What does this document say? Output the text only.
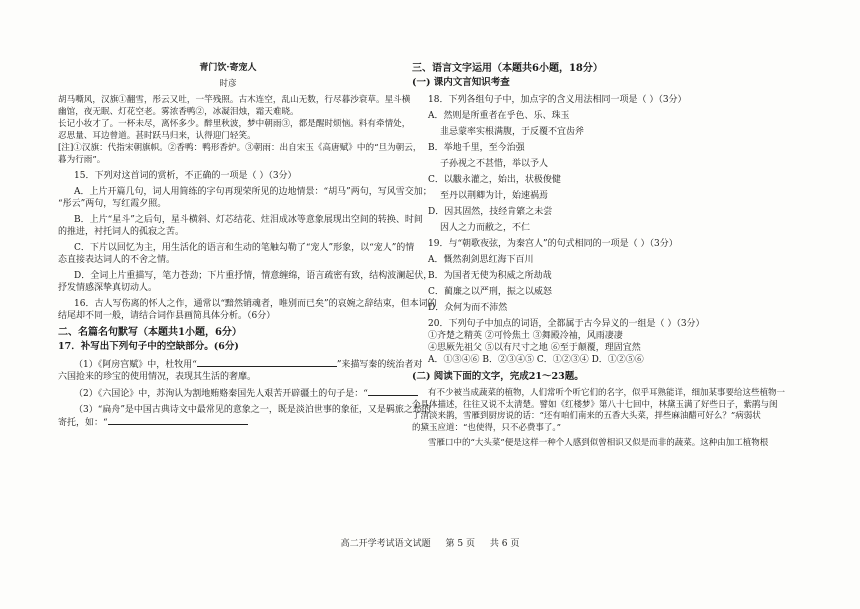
青门饮·寄宠人

时彦

胡马嘶风，汉旗①翻雪，彤云又吐，一竿残照。古木连空，乱山无数，行尽暮沙衰草。星斗横

幽馆，夜无眠、灯花空老。雾浓香鸭②，冰凝泪烛，霜天难晓。

长记小妆才了。一杯未尽，离怀多少。醉里秋波，梦中朝雨③，都是醒时烦恼。料有牵情处，

忍思量、耳边曾道。甚时跃马归来，认得迎门轻笑。

[注]①汉旗：代指宋朝旗帜。②香鸭：鸭形香炉。③朝雨：出自宋玉《高唐赋》中的“旦为朝云，

暮为行雨”。

15．下列对这首词的赏析，不正确的一项是（ ）（3分）

A．上片开篇几句，词人用简练的字句再现荣所见的边地情景：“胡马”两句，写风雪交加；

“彤云”两句，写红霞夕照。

B．上片“星斗”之后句，星斗横斜、灯芯结花、炷泪成冰等意象展现出空间的转换、时间

的推进，衬托词人的孤寂之苦。

C．下片以回忆为主，用生活化的语言和生动的笔触勾勒了“宠人”形象，以“宠人”的情

态直接表达词人的不舍之情。

D．全词上片重描写，笔力苍劲；下片重抒情，情意缠绵，语言疏密有致，结构波澜起伏，

抒发情感深挚真切动人。

16．古人写伤离的怀人之作，通常以“黯然销魂者，唯别而已矣”的哀婉之辞结束，但本词的

结尾却不同一般，请结合词作县画简具体分析。（6分）

二、名篇名句默写（本题共1小题，6分）

17．补写出下列句子中的空缺部分。(6分)

（1）《阿房宫赋》中，杜牧用“	”来描写秦的统治者对

六国抢来的珍宝的使用情况，表现其生活的奢靡。

（2）《六国论》中，苏洵认为割地贿赂秦国先人艰苦开辟疆土的句子是：“

（3）“扁舟”是中国古典诗文中最常见的意象之一，既是淡泊世事的象征，又是羁旅之愁的

寄托，如：“

三、语言文字运用（本题共6小题，18分）

(一) 课内文言知识考查

18．下列各组句子中，加点字的含义用法相同一项是（ ）（3分）

A．然则是所重者在乎色、乐、珠玉

韭忌蒙率实根满腹，于反覆不宜齿斧

B．举地千里，至今治强

子孙视之不甚惜，举以予人

C．以黻永灌之，始出，状极俊健

至丹以荆卿为计，始速祸焉

D．因其固然，技经肯綮之未尝

因人之力而敝之，不仁

19．与“朝歌夜弦，为秦宫人”的句式相同的一项是（ ）（3分）

A．慨然刹剑思红海下百川

B．为国者无使为积威之所劫哉

C．蔺廉之以严刑，振之以威怒

D．众何为而不沛然

20．下列句子中加点的词语，全都属于古今异义的一组是（ ）（3分）

①齐楚之精英 ②可怜焦土 ③舞殿冷袖，风雨凄凄

④思厥先祖父 ⑤以有尺寸之地 ⑥至于颠覆，理固宜然

A．①③④⑥ B．②③④⑤ C．①②③④ D．①②⑤⑥

(二) 阅读下面的文字，完成21～23题。

有不少被当成蔬菜的植物，人们常听个听它们的名字，似乎耳熟能详，细加某事要给这些植物一

个具体描述，往往又说不太清楚。譬如《红楼梦》第八十七回中，林黛玉满了好些日子，紫鹃与闺

了清淡来鹊，雪雁到厨房说的话：“还有咱们南来的五香大头菜，拌些麻油醋可好么？”病弱状

的黛玉应道：“也使得，只不必费事了。”

雪雁口中的“大头菜”便是这样一种个人感到似曾相识又似是而非的蔬菜。这种由加工植物根

高二开学考试语文试题 第 5 页 共 6 页
